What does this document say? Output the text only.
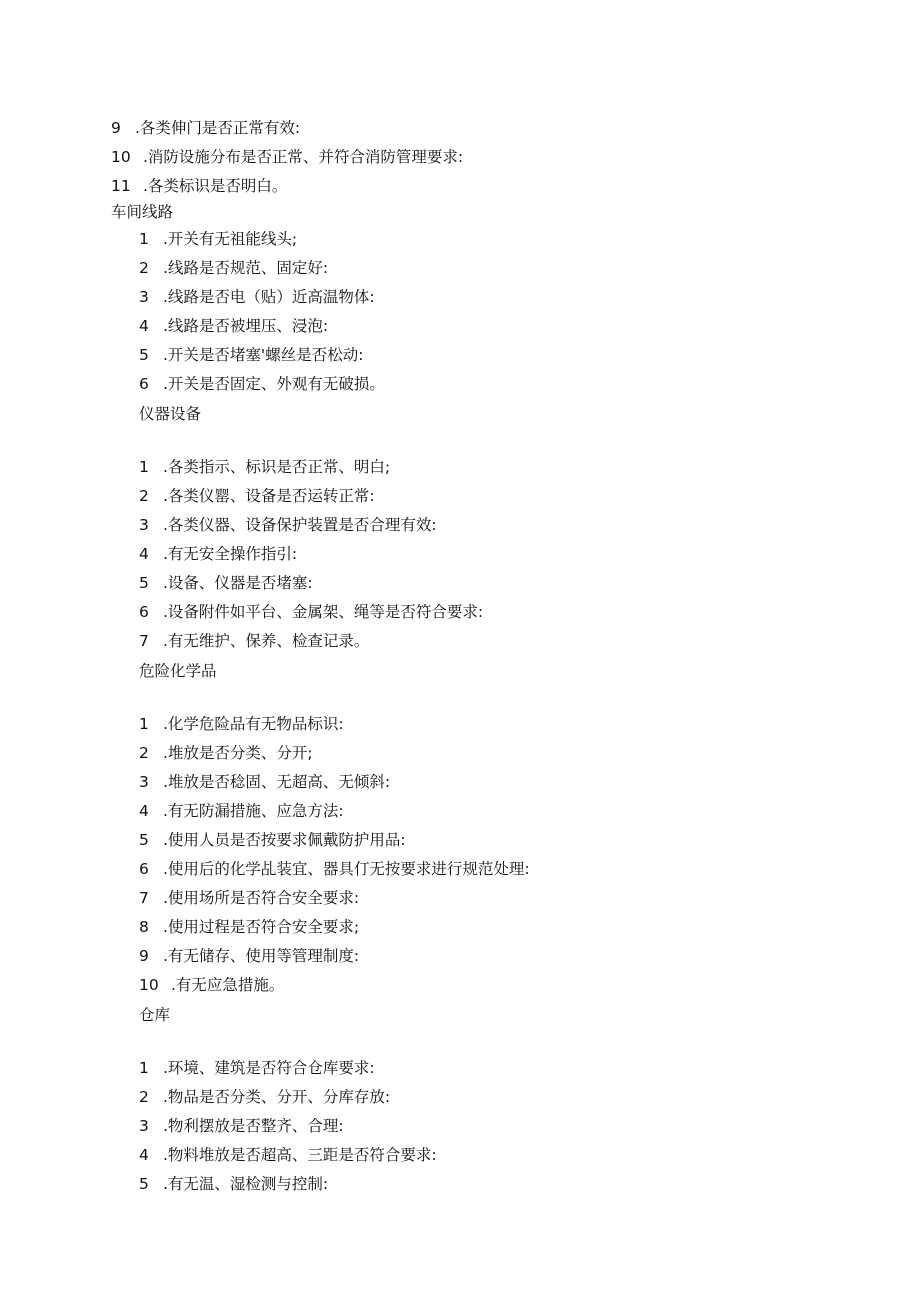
9 .各类伸门是否正常有效:
10 .消防设施分布是否正常、并符合消防管理要求:
11 .各类标识是否明白。
车间线路
1 .开关有无祖能线头;
2 .线路是否规范、固定好:
3 .线路是否电（贴）近高温物体:
4 .线路是否被埋压、浸泡:
5 .开关是否堵塞'螺丝是否松动:
6 .开关是否固定、外观有无破损。
仪器设备
1 .各类指示、标识是否正常、明白;
2 .各类仪罂、设备是否运转正常:
3 .各类仪器、设备保护装置是否合理有效:
4 .有无安全操作指引:
5 .设备、仪器是否堵塞:
6 .设备附件如平台、金属架、绳等是否符合要求:
7 .有无维护、保养、检查记录。
危险化学品
1 .化学危险品有无物品标识:
2 .堆放是否分类、分开;
3 .堆放是否稔固、无超高、无倾斜:
4 .有无防漏措施、应急方法:
5 .使用人员是否按要求佩戴防护用品:
6 .使用后的化学乩装宜、器具仃无按要求进行规范处理:
7 .使用场所是否符合安全要求:
8 .使用过程是否符合安全要求;
9 .有无储存、使用等管理制度:
10 .有无应急措施。
仓库
1 .环境、建筑是否符合仓库要求:
2 .物品是否分类、分开、分库存放:
3 .物利摆放是否整齐、合理:
4 .物料堆放是否超高、三距是否符合要求:
5 .有无温、湿检测与控制:
